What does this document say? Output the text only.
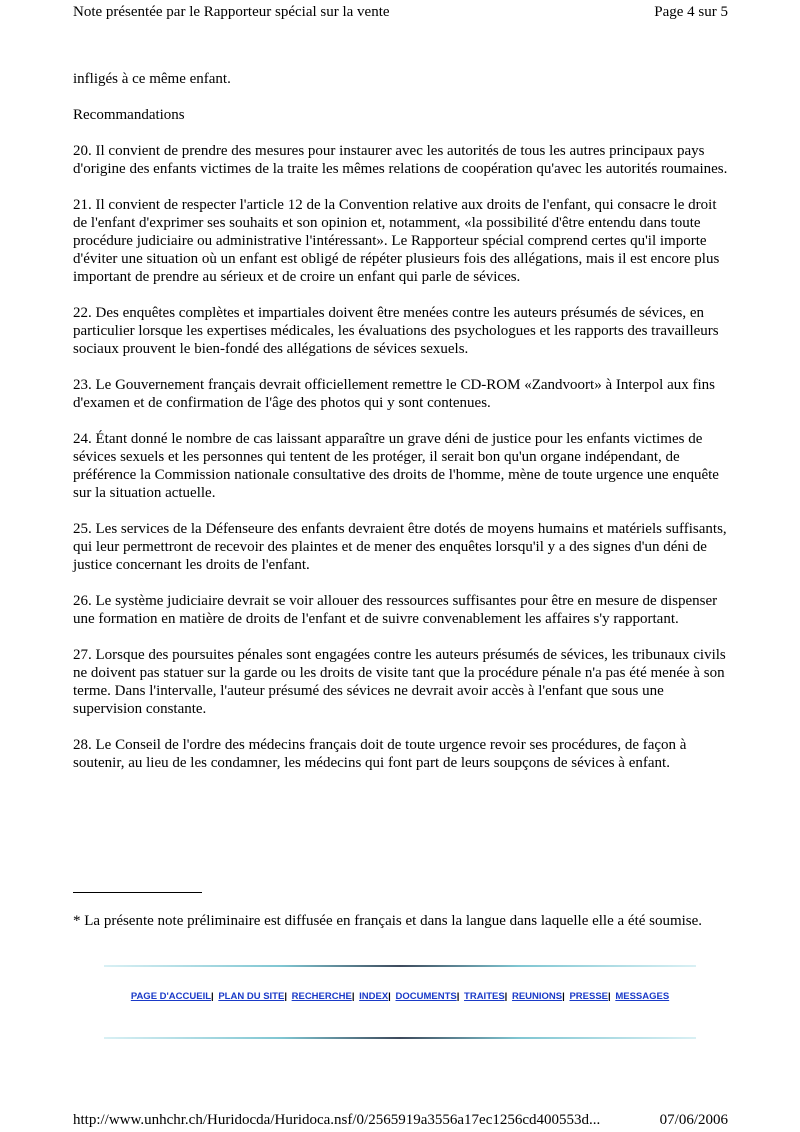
Note présentée par le Rapporteur spécial sur la vente	Page 4 sur 5

infligés à ce même enfant.

Recommandations

20. Il convient de prendre des mesures pour instaurer avec les autorités de tous les autres principaux pays d'origine des enfants victimes de la traite les mêmes relations de coopération qu'avec les autorités roumaines.

21. Il convient de respecter l'article 12 de la Convention relative aux droits de l'enfant, qui consacre le droit de l'enfant d'exprimer ses souhaits et son opinion et, notamment, «la possibilité d'être entendu dans toute procédure judiciaire ou administrative l'intéressant». Le Rapporteur spécial comprend certes qu'il importe d'éviter une situation où un enfant est obligé de répéter plusieurs fois des allégations, mais il est encore plus important de prendre au sérieux et de croire un enfant qui parle de sévices.

22. Des enquêtes complètes et impartiales doivent être menées contre les auteurs présumés de sévices, en particulier lorsque les expertises médicales, les évaluations des psychologues et les rapports des travailleurs sociaux prouvent le bien-fondé des allégations de sévices sexuels.

23. Le Gouvernement français devrait officiellement remettre le CD-ROM «Zandvoort» à Interpol aux fins d'examen et de confirmation de l'âge des photos qui y sont contenues.

24. Étant donné le nombre de cas laissant apparaître un grave déni de justice pour les enfants victimes de sévices sexuels et les personnes qui tentent de les protéger, il serait bon qu'un organe indépendant, de préférence la Commission nationale consultative des droits de l'homme, mène de toute urgence une enquête sur la situation actuelle.

25. Les services de la Défenseure des enfants devraient être dotés de moyens humains et matériels suffisants, qui leur permettront de recevoir des plaintes et de mener des enquêtes lorsqu'il y a des signes d'un déni de justice concernant les droits de l'enfant.

26. Le système judiciaire devrait se voir allouer des ressources suffisantes pour être en mesure de dispenser une formation en matière de droits de l'enfant et de suivre convenablement les affaires s'y rapportant.

27. Lorsque des poursuites pénales sont engagées contre les auteurs présumés de sévices, les tribunaux civils ne doivent pas statuer sur la garde ou les droits de visite tant que la procédure pénale n'a pas été menée à son terme. Dans l'intervalle, l'auteur présumé des sévices ne devrait avoir accès à l'enfant que sous une supervision constante.

28. Le Conseil de l'ordre des médecins français doit de toute urgence revoir ses procédures, de façon à soutenir, au lieu de les condamner, les médecins qui font part de leurs soupçons de sévices à enfant.

* La présente note préliminaire est diffusée en français et dans la langue dans laquelle elle a été soumise.

PAGE D'ACCUEIL| PLAN DU SITE| RECHERCHE| INDEX| DOCUMENTS| TRAITES| REUNIONS| PRESSE| MESSAGES
http://www.unhchr.ch/Huridocda/Huridoca.nsf/0/2565919a3556a17ec1256cd400553d...	07/06/2006
